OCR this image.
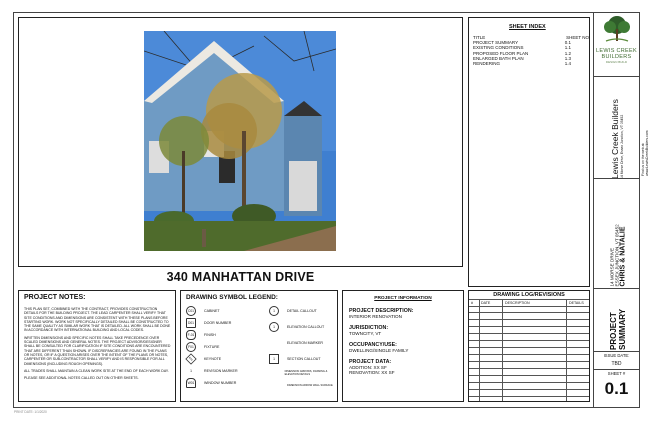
340 MANHATTAN DRIVE
SHEET INDEX
TITLE	SHEET NO
PROJECT SUMMARY	0.1
EXISTING CONDITIONS	1.1
PROPOSED FLOOR PLAN	1.2
ENLARGED BATH PLAN	1.3
RENDERING	1.4
DRAWING LOG/REVISIONS
# DATE	DESCRIPTION	DETAILS
LEWIS CREEK
BUILDERS
DESIGN BUILD
Lewis Creek Builders 14 Morse Drive, Essex Junction, VT 05452	Find us on the web at: www.LewisCreekBuilders.com
14 MORSE DRIVE ESSEX JUNCTION, VT 05452 CHRIS & NATALIE
PROJECT SUMMARY
ISSUE DATE:
TBD
SHEET #
0.1
PROJECT NOTES:

THIS PLAN SET, COMBINED WITH THE CONTRACT, PROVIDES CONSTRUCTION DETAILS FOR THE BUILDING PROJECT. THE LEAD CARPENTER SHALL VERIFY THAT SITE CONDITIONS AND DIMENSIONS ARE CONSISTENT WITH THESE PLANS BEFORE STARTING WORK. WORK NOT SPECIFICALLY DETAILED SHALL BE CONSTRUCTED TO THE SAME QUALITY AS SIMILAR WORK THAT IS DETAILED. ALL WORK SHALL BE DONE IN ACCORDANCE WITH INTERNATIONAL BUILDING AND LOCAL CODES.

WRITTEN DIMENSIONS AND SPECIFIC NOTES SHALL TAKE PRECEDENCE OVER SCALED DIMENSIONS AND GENERAL NOTES. THE PROJECT ADVISOR/DESIGNER SHALL BE CONSULTED FOR CLARIFICATION IF SITE CONDITIONS ARE ENCOUNTERED THAT ARE DIFFERENT THAN SHOWN. IF DISCREPANCIES ARE FOUND IN THE PLANS OR NOTES, OR IF A QUESTION ARISES OVER THE INTENT OF THE PLANS OR NOTES, CARPENTER OR SUB-CONTRACTOR SHALL VERIFY AND IS RESPONSIBLE FOR ALL DIMENSIONS (INCLUDING ROUGH OPENINGS).

ALL TRADES SHALL MAINTAIN A CLEAN WORK SITE AT THE END OF EACH WORK DAY.

PLEASE SEE ADDITIONAL NOTES CALLED OUT ON OTHER SHEETS.

DRAWING SYMBOL LEGEND:
C01	CABINET
D01	DOOR NUMBER
F-01	FINISH
F01	FIXTURE
K01	KEYNOTE
1	REVISION MARKER
W01	WINDOW NUMBER
1	DETAIL CALLOUT
1	ELEVATION CALLOUT
ELEVATION MARKER
1	SECTION CALLOUT
DIMENSION ARROWS, FRAMING & ELEVATION DETAILS
DIMENSION ARROW WALL SURFACE
PROJECT INFORMATION
PROJECT DESCRIPTION:
INTERIOR RENOVATION
JURISDICTION:
TOWNCITY, VT
OCCUPANCY/USE:
DWELLING/SINGLE FAMILY
PROJECT DATA:
ADDITION: XX SF
RENOVATION: XX SF
PRINT DATE: 1/1/2020
